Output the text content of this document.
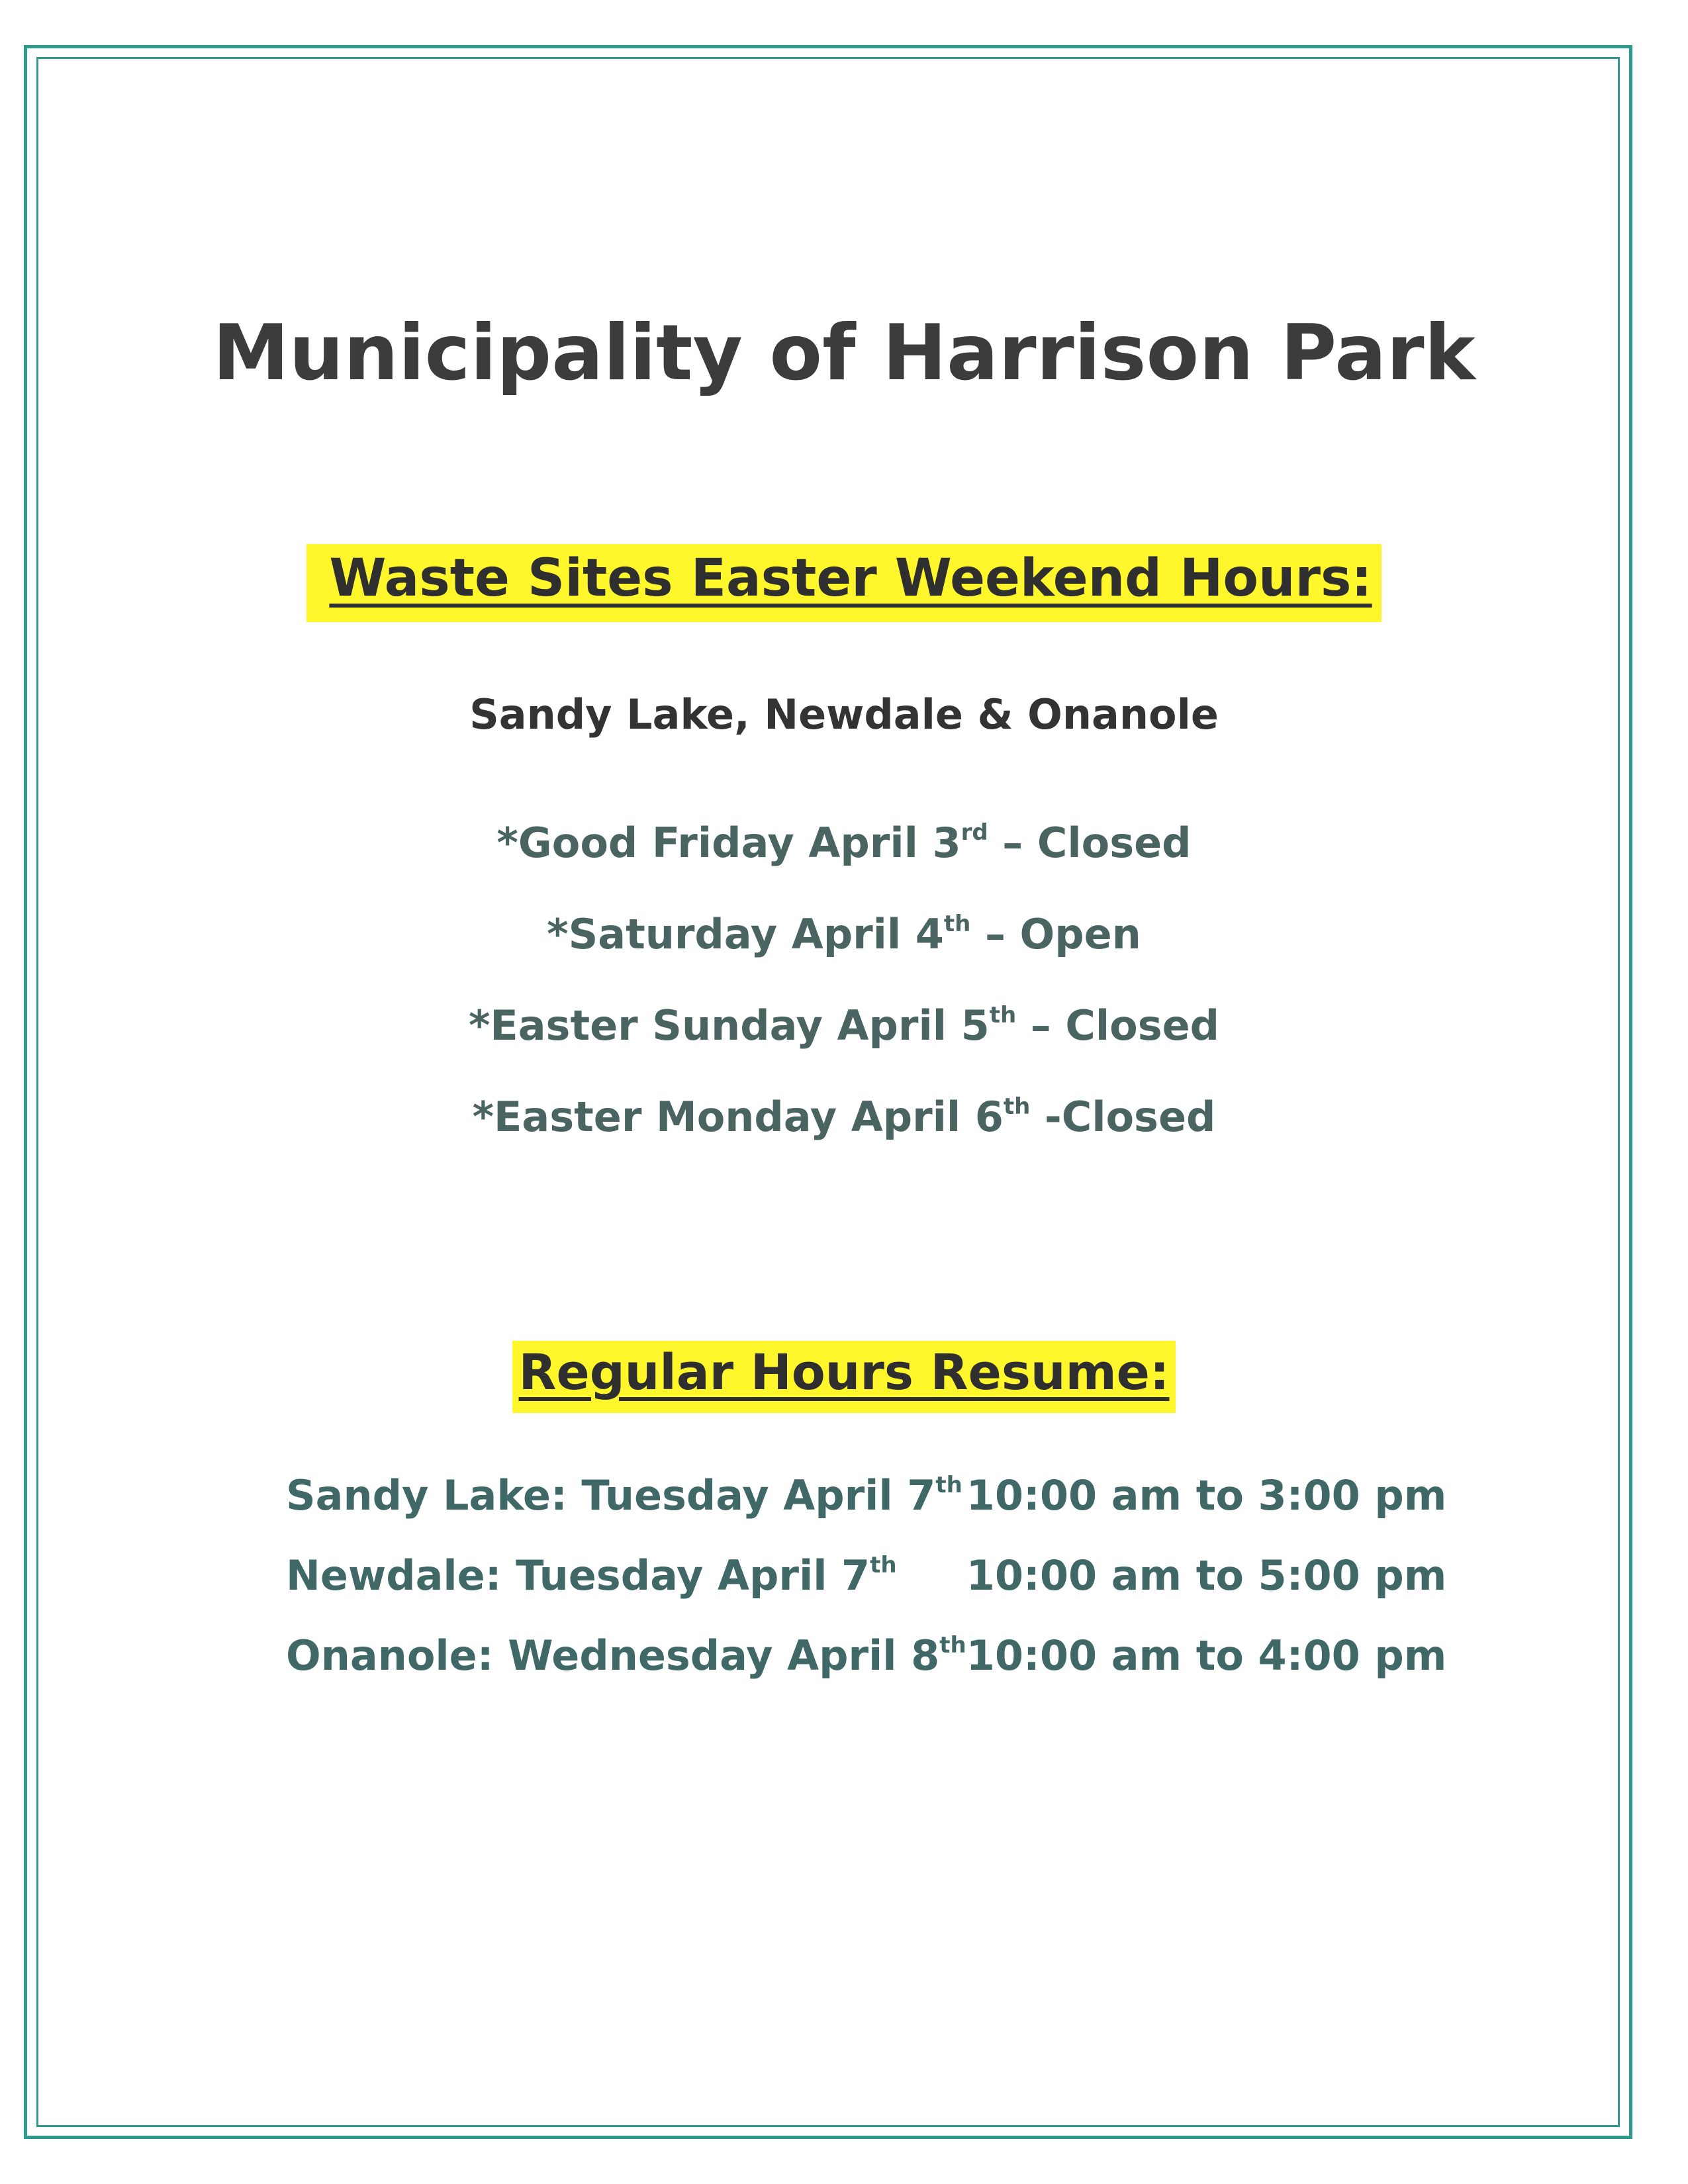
Municipality of Harrison Park
Waste Sites Easter Weekend Hours:
Sandy Lake, Newdale & Onanole
*Good Friday April 3rd – Closed
*Saturday April 4th – Open
*Easter Sunday April 5th – Closed
*Easter Monday April 6th -Closed
Regular Hours Resume:
Sandy Lake: Tuesday April 7th	10:00 am to 3:00 pm
Newdale: Tuesday April 7th	10:00 am to 5:00 pm
Onanole: Wednesday April 8th	10:00 am to 4:00 pm
